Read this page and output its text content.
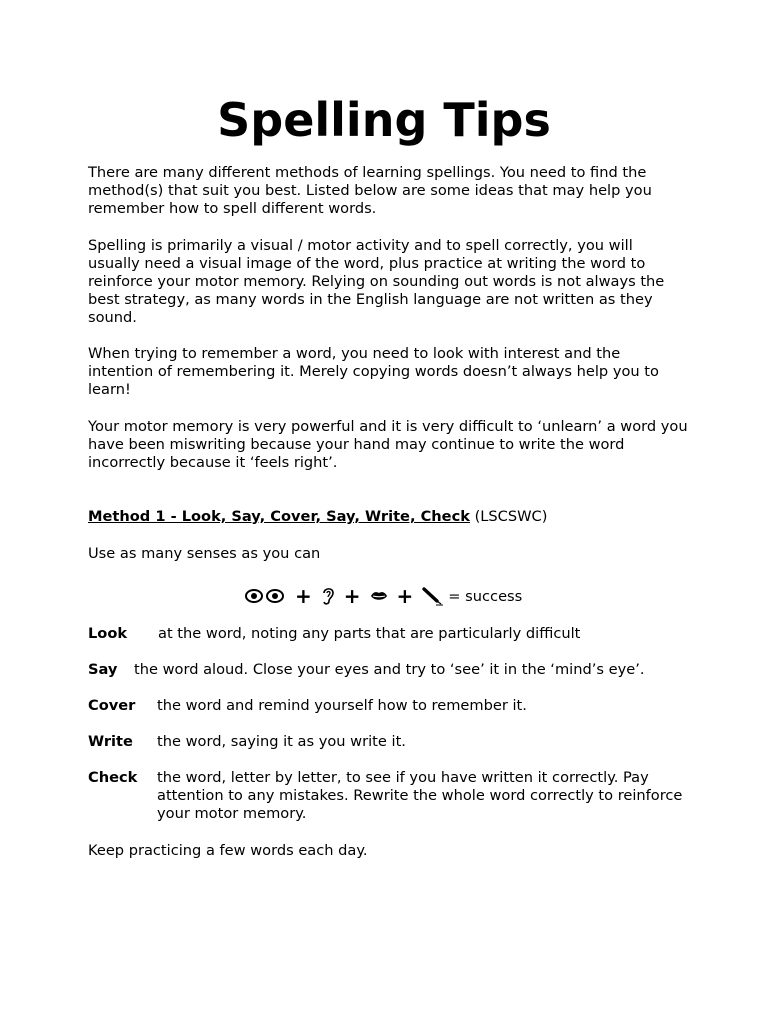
Spelling Tips

There are many different methods of learning spellings. You need to find the method(s) that suit you best. Listed below are some ideas that may help you remember how to spell different words.

Spelling is primarily a visual / motor activity and to spell correctly, you will usually need a visual image of the word, plus practice at writing the word to reinforce your motor memory. Relying on sounding out words is not always the best strategy, as many words in the English language are not written as they sound.

When trying to remember a word, you need to look with interest and the intention of remembering it. Merely copying words doesn’t always help you to learn!

Your motor memory is very powerful and it is very difficult to ‘unlearn’ a word you have been miswriting because your hand may continue to write the word incorrectly because it ‘feels right’.

Method 1 - Look, Say, Cover, Say, Write, Check (LSCSWC)

Use as many senses as you can

+ + + = success
Look at the word, noting any parts that are particularly difficult
Say the word aloud. Close your eyes and try to ‘see’ it in the ‘mind’s eye’.
Cover the word and remind yourself how to remember it.
Write the word, saying it as you write it.
Check the word, letter by letter, to see if you have written it correctly. Pay attention to any mistakes. Rewrite the whole word correctly to reinforce your motor memory.

Keep practicing a few words each day.
